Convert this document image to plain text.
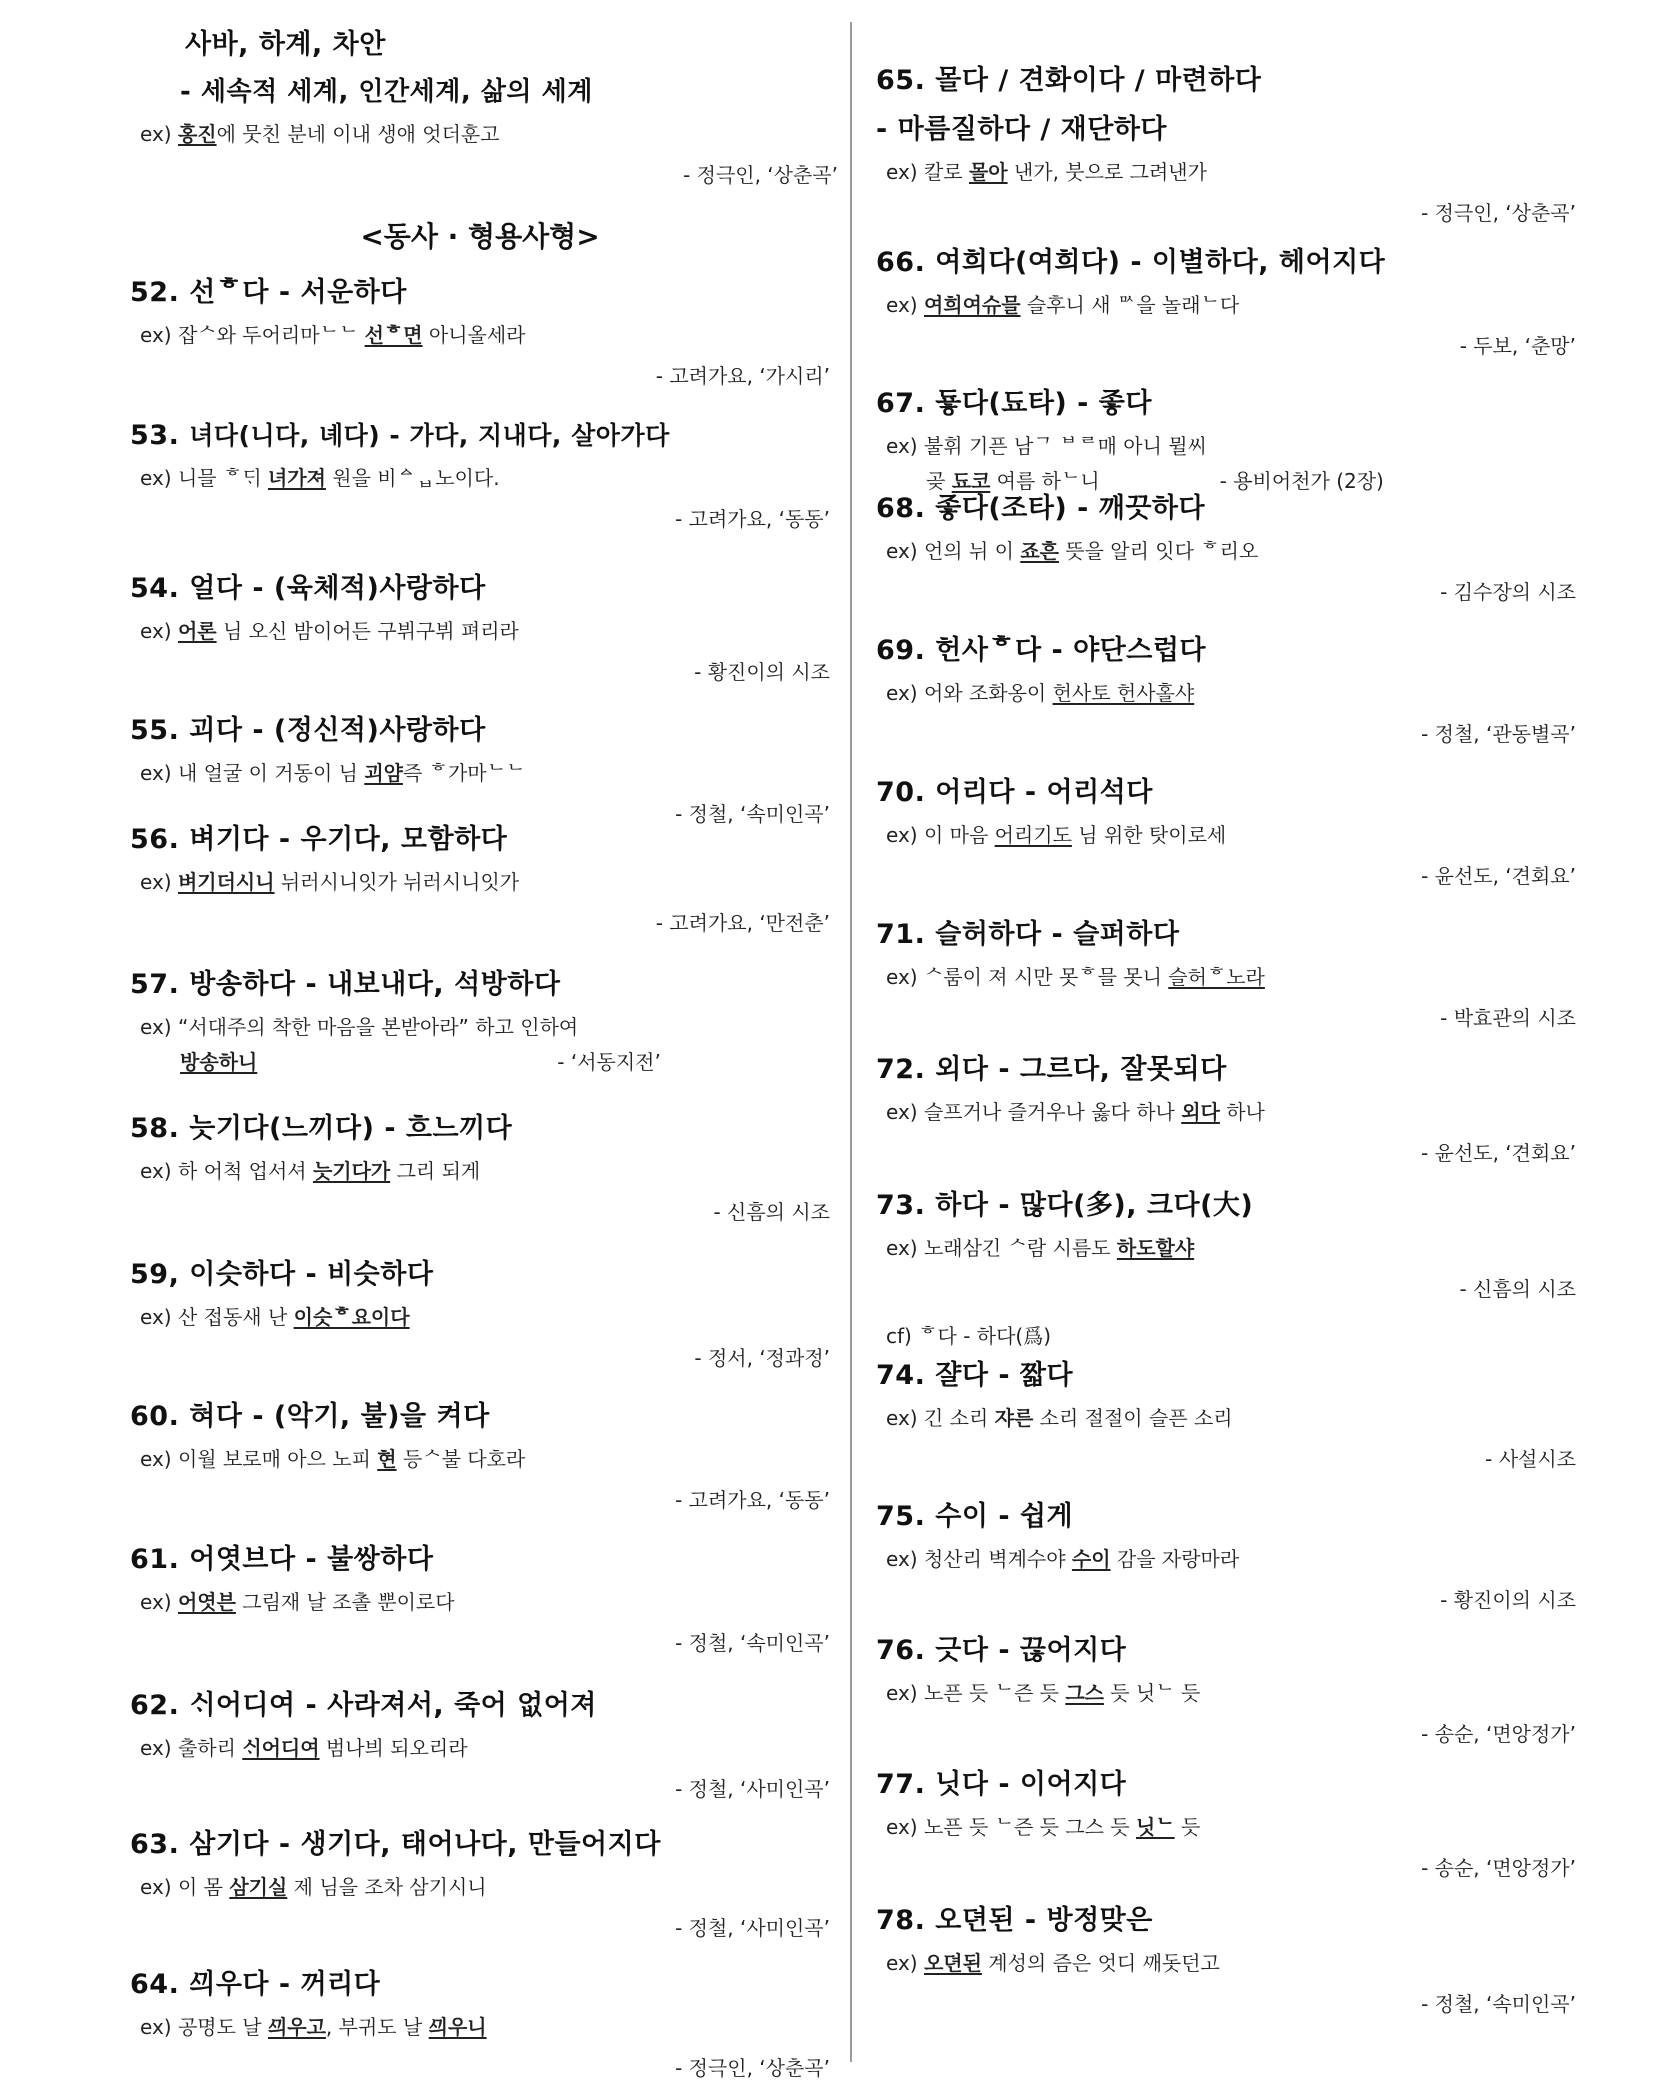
사바, 하계, 차안
- 세속적 세계, 인간세계, 삶의 세계
ex) 홍진에 뭇친 분네 이내 생애 엇더훈고
- 정극인, ‘상춘곡’
<동사 · 형용사형>
52. 선ᄒ다 - 서운하다
ex) 잡ᄉ와 두어리마ᄂᄂ 선ᄒ면 아니올세라
- 고려가요, ‘가시리’
53. 녀다(니다, 녜다) - 가다, 지내다, 살아가다
ex) 니믈 ᄒᄃᆡ 녀가져 원을 비ᅀᆸ노이다.
- 고려가요, ‘동동’
54. 얼다 - (육체적)사랑하다
ex) 어론 님 오신 밤이어든 구뷔구뷔 펴리라
- 황진이의 시조
55. 괴다 - (정신적)사랑하다
ex) 내 얼굴 이 거동이 님 괴얌즉 ᄒ가마ᄂᄂ
- 정철, ‘속미인곡’
56. 벼기다 - 우기다, 모함하다
ex) 벼기더시니 뉘러시니잇가 뉘러시니잇가
- 고려가요, ‘만전춘’
57. 방송하다 - 내보내다, 석방하다
ex) “서대주의 착한 마음을 본받아라” 하고 인하여
방송하니	- ‘서동지전’
58. 늣기다(느끼다) - 흐느끼다
ex) 하 어척 업서셔 늣기다가 그리 되게
- 신흠의 시조
59, 이슷하다 - 비슷하다
ex) 산 접동새 난 이슷ᄒ요이다
- 정서, ‘정과정’
60. 혀다 - (악기, 불)을 켜다
ex) 이월 보로매 아으 노피 현 등ᄉ불 다호라
- 고려가요, ‘동동’
61. 어엿브다 - 불쌍하다
ex) 어엿븐 그림재 날 조촐 뿐이로다
- 정철, ‘속미인곡’
62. ᄉᆡ어디여 - 사라져서, 죽어 없어져
ex) 출하리 ᄉᆡ어디여 범나븨 되오리라
- 정철, ‘사미인곡’
63. 삼기다 - 생기다, 태어나다, 만들어지다
ex) 이 몸 삼기실 제 님을 조차 삼기시니
- 정철, ‘사미인곡’
64. ᄭᅴ우다 - 꺼리다
ex) 공명도 날 ᄭᅴ우고, 부귀도 날 ᄭᅴ우니
- 정극인, ‘상춘곡’
65. 몰다 / 견화이다 / 마련하다
- 마름질하다 / 재단하다
ex) 칼로 몰아 낸가, 붓으로 그려낸가
- 정극인, ‘상춘곡’
66. 여희다(여희다) - 이별하다, 헤어지다
ex) 여희여슈믈 슬후니 새 ᄆᄉ을 놀래ᄂ다
- 두보, ‘춘망’
67. 둏다(됴타) - 좋다
ex) 불휘 기픈 남ᄀ ᄇᄅ매 아니 뮐씨
곶 됴코 여름 하ᄂ니	- 용비어천가 (2장)
68. 좋다(조타) - 깨끗하다
ex) 언의 뉘 이 죠흔 뜻을 알리 잇다 ᄒ리오
- 김수장의 시조
69. 헌사ᄒ다 - 야단스럽다
ex) 어와 조화옹이 헌사토 헌사홀샤
- 정철, ‘관동별곡’
70. 어리다 - 어리석다
ex) 이 마음 어리기도 님 위한 탓이로세
- 윤선도, ‘견회요’
71. 슬허하다 - 슬퍼하다
ex) ᄉ룸이 져 시만 못ᄒ믈 못니 슬허ᄒ노라
- 박효관의 시조
72. 외다 - 그르다, 잘못되다
ex) 슬프거나 즐거우나 옳다 하나 외다 하나
- 윤선도, ‘견회요’
73. 하다 - 많다(多), 크다(大)
ex) 노래삼긴 ᄉ람 시름도 하도할샤
- 신흠의 시조
cf) ᄒ다 - 하다(爲)
74. 쟐다 - 짧다
ex) 긴 소리 쟈른 소리 절절이 슬픈 소리
- 사설시조
75. 수이 - 쉽게
ex) 청산리 벽계수야 수이 감을 자랑마라
- 황진이의 시조
76. 긋다 - 끊어지다
ex) 노픈 듯 ᄂ즌 듯 그스 듯 닛ᄂ 듯
- 송순, ‘면앙정가’
77. 닛다 - 이어지다
ex) 노픈 듯 ᄂ즌 듯 그스 듯 닛ᄂ 듯
- 송순, ‘면앙정가’
78. 오뎐된 - 방정맞은
ex) 오뎐된 계성의 즘은 엇디 ᄭᅢ돗던고
- 정철, ‘속미인곡’
